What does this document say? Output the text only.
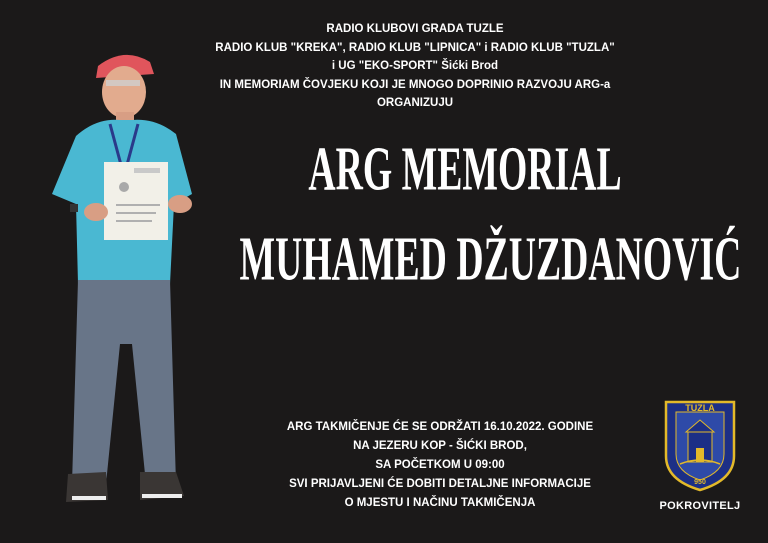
RADIO KLUBOVI GRADA TUZLE
RADIO KLUB "KREKA", RADIO KLUB "LIPNICA" i RADIO KLUB "TUZLA"
i UG "EKO-SPORT" Šićki Brod
IN MEMORIAM ČOVJEKU KOJI JE MNOGO DOPRINIO RAZVOJU ARG-a
ORGANIZUJU
ARG MEMORIAL
MUHAMED DŽUZDANOVIĆ
ARG TAKMIČENJE ĆE SE ODRŽATI 16.10.2022. GODINE
NA JEZERU KOP - ŠIĆKI BROD,
SA POČETKOM U 09:00
SVI PRIJAVLJENI ĆE DOBITI DETALJNE INFORMACIJE
O MJESTU I NAČINU TAKMIČENJA
TUZLA
950
POKROVITELJ
